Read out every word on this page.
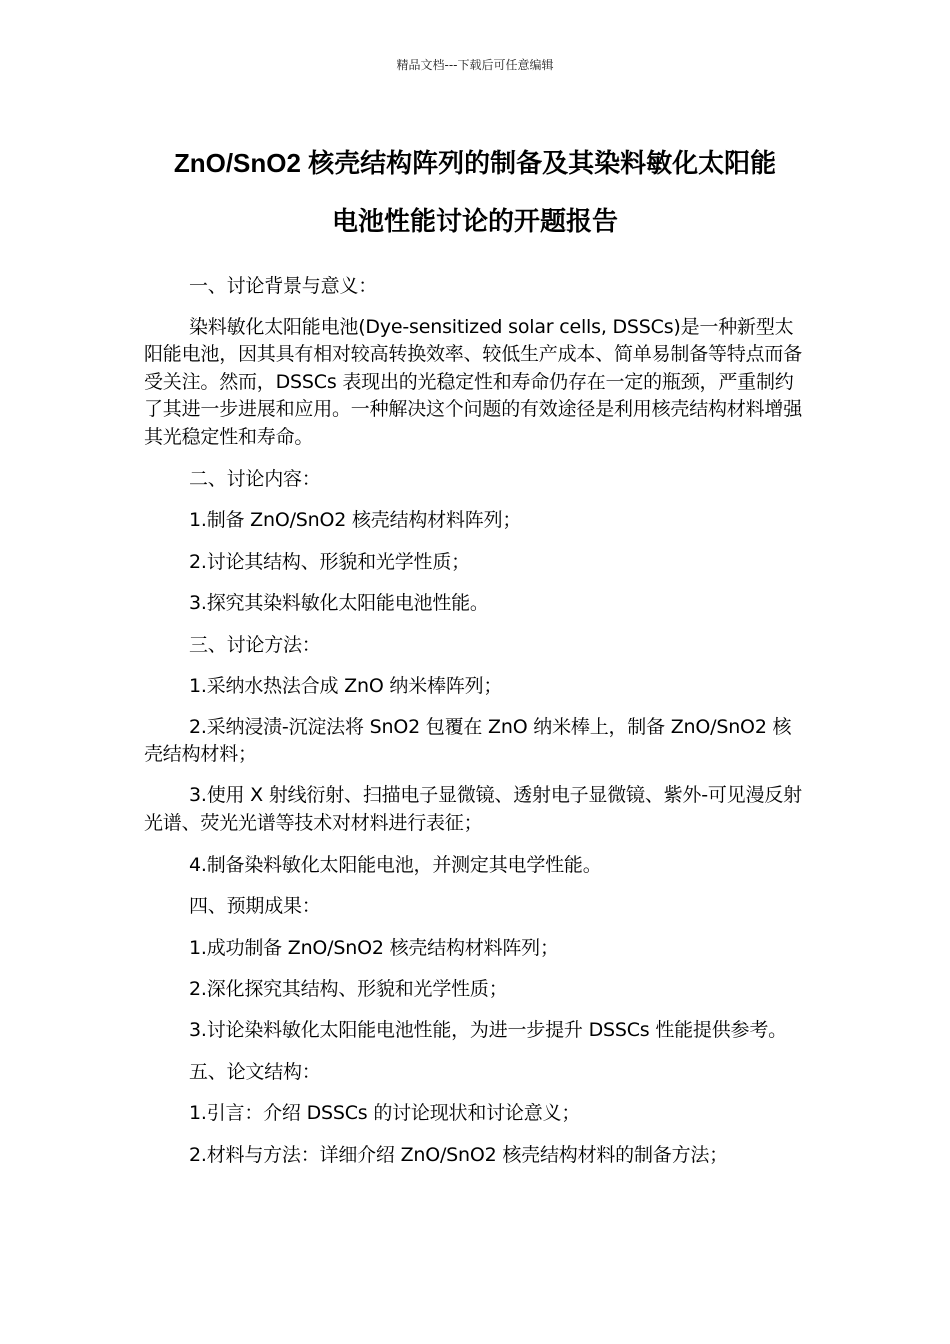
精品文档---下载后可任意编辑
ZnO/SnO2 核壳结构阵列的制备及其染料敏化太阳能
电池性能讨论的开题报告

一、讨论背景与意义：

染料敏化太阳能电池(Dye-sensitized solar cells, DSSCs)是一种新型太阳能电池，因其具有相对较高转换效率、较低生产成本、简单易制备等特点而备受关注。然而，DSSCs 表现出的光稳定性和寿命仍存在一定的瓶颈，严重制约了其进一步进展和应用。一种解决这个问题的有效途径是利用核壳结构材料增强其光稳定性和寿命。

二、讨论内容：

1.制备 ZnO/SnO2 核壳结构材料阵列；

2.讨论其结构、形貌和光学性质；

3.探究其染料敏化太阳能电池性能。

三、讨论方法：

1.采纳水热法合成 ZnO 纳米棒阵列；

2.采纳浸渍-沉淀法将 SnO2 包覆在 ZnO 纳米棒上，制备 ZnO/SnO2 核壳结构材料；

3.使用 X 射线衍射、扫描电子显微镜、透射电子显微镜、紫外-可见漫反射光谱、荧光光谱等技术对材料进行表征；

4.制备染料敏化太阳能电池，并测定其电学性能。

四、预期成果：

1.成功制备 ZnO/SnO2 核壳结构材料阵列；

2.深化探究其结构、形貌和光学性质；

3.讨论染料敏化太阳能电池性能，为进一步提升 DSSCs 性能提供参考。

五、论文结构：

1.引言：介绍 DSSCs 的讨论现状和讨论意义；

2.材料与方法：详细介绍 ZnO/SnO2 核壳结构材料的制备方法；
